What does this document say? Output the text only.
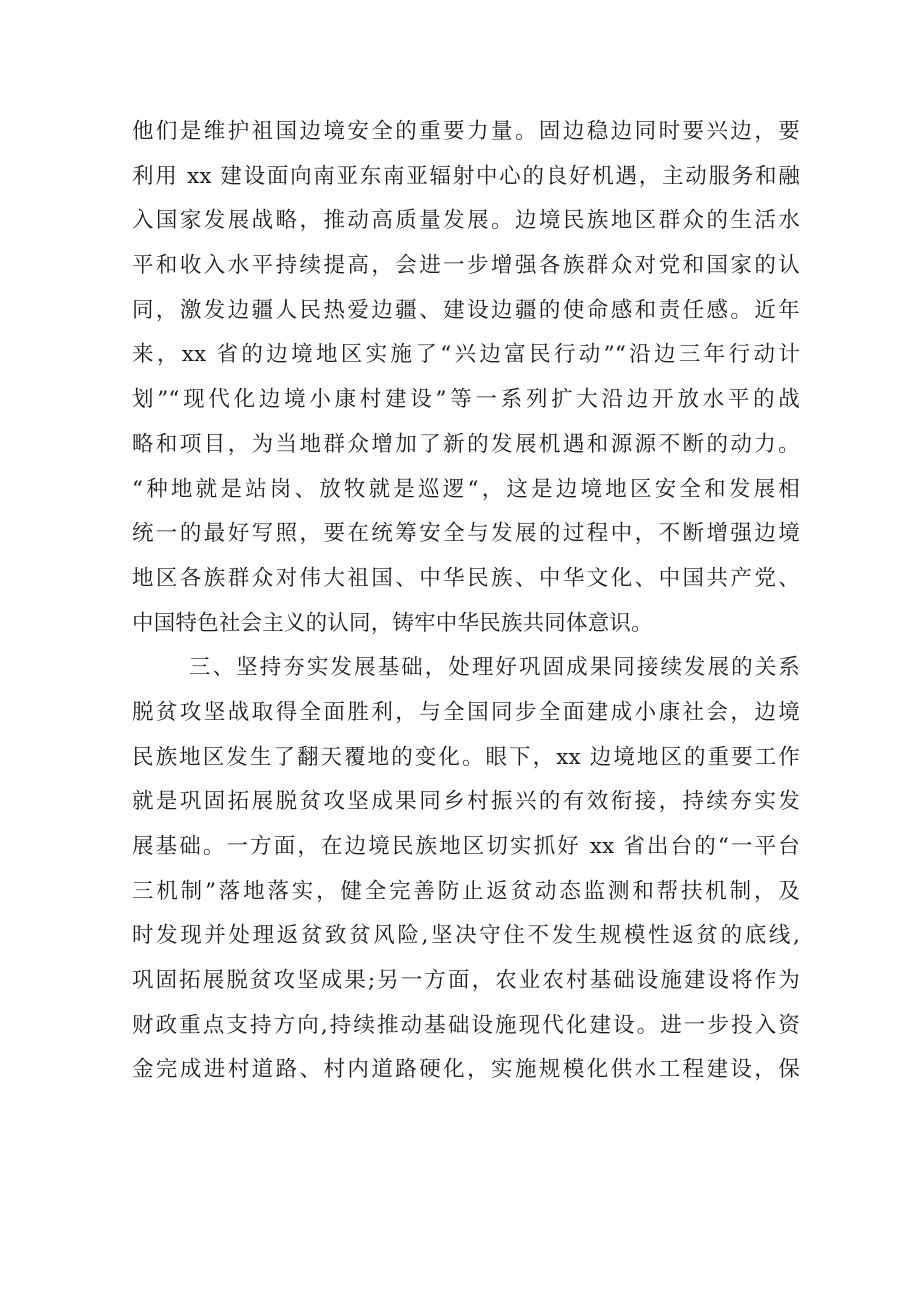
他们是维护祖国边境安全的重要力量。固边稳边同时要兴边，要
利用 xx 建设面向南亚东南亚辐射中心的良好机遇，主动服务和融
入国家发展战略，推动高质量发展。边境民族地区群众的生活水
平和收入水平持续提高，会进一步增强各族群众对党和国家的认
同，激发边疆人民热爱边疆、建设边疆的使命感和责任感。近年
来，xx 省的边境地区实施了“兴边富民行动”“沿边三年行动计
划”“现代化边境小康村建设”等一系列扩大沿边开放水平的战
略和项目，为当地群众增加了新的发展机遇和源源不断的动力。
“种地就是站岗、放牧就是巡逻“，这是边境地区安全和发展相
统一的最好写照，要在统筹安全与发展的过程中，不断增强边境
地区各族群众对伟大祖国、中华民族、中华文化、中国共产党、
中国特色社会主义的认同，铸牢中华民族共同体意识。
三、坚持夯实发展基础，处理好巩固成果同接续发展的关系
脱贫攻坚战取得全面胜利，与全国同步全面建成小康社会，边境
民族地区发生了翻天覆地的变化。眼下，xx 边境地区的重要工作
就是巩固拓展脱贫攻坚成果同乡村振兴的有效衔接，持续夯实发
展基础。一方面，在边境民族地区切实抓好 xx 省出台的“一平台
三机制”落地落实，健全完善防止返贫动态监测和帮扶机制，及
时发现并处理返贫致贫风险,坚决守住不发生规模性返贫的底线,
巩固拓展脱贫攻坚成果;另一方面，农业农村基础设施建设将作为
财政重点支持方向,持续推动基础设施现代化建设。进一步投入资
金完成进村道路、村内道路硬化，实施规模化供水工程建设，保
